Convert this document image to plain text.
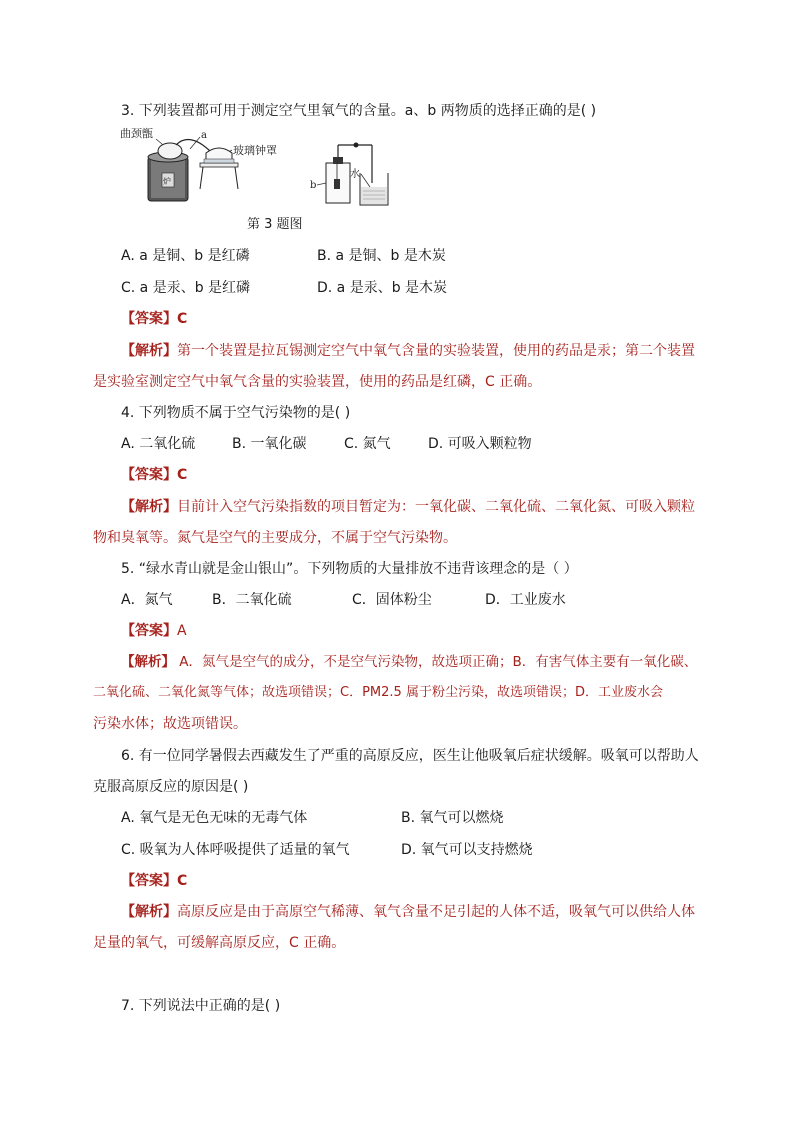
3. 下列装置都可用于测定空气里氧气的含量。a、b 两物质的选择正确的是( )
曲颈甑	a
玻璃钟罩
炉	b
水
第 3 题图
A. a 是铜、b 是红磷	B. a 是铜、b 是木炭
C. a 是汞、b 是红磷	D. a 是汞、b 是木炭
【答案】C
【解析】第一个装置是拉瓦锡测定空气中氧气含量的实验装置，使用的药品是汞；第二个装置
是实验室测定空气中氧气含量的实验装置，使用的药品是红磷，C 正确。
4. 下列物质不属于空气污染物的是( )
A. 二氧化硫	B. 一氧化碳	C. 氮气	D. 可吸入颗粒物
【答案】C
【解析】目前计入空气污染指数的项目暂定为：一氧化碳、二氧化硫、二氧化氮、可吸入颗粒
物和臭氧等。氮气是空气的主要成分，不属于空气污染物。
5. “绿水青山就是金山银山”。下列物质的大量排放不违背该理念的是（ ）
A．氮气	B．二氧化硫	C．固体粉尘	D．工业废水
【答案】A
【解析】 A．氮气是空气的成分，不是空气污染物，故选项正确；B．有害气体主要有一氧化碳、
二氧化硫、二氧化氮等气体；故选项错误；C．PM2.5 属于粉尘污染，故选项错误；D．工业废水会
污染水体；故选项错误。
6. 有一位同学暑假去西藏发生了严重的高原反应，医生让他吸氧后症状缓解。吸氧可以帮助人
克服高原反应的原因是( )
A. 氧气是无色无味的无毒气体	B. 氧气可以燃烧
C. 吸氧为人体呼吸提供了适量的氧气	D. 氧气可以支持燃烧
【答案】C
【解析】高原反应是由于高原空气稀薄、氧气含量不足引起的人体不适，吸氧气可以供给人体
足量的氧气，可缓解高原反应，C 正确。
7. 下列说法中正确的是( )
